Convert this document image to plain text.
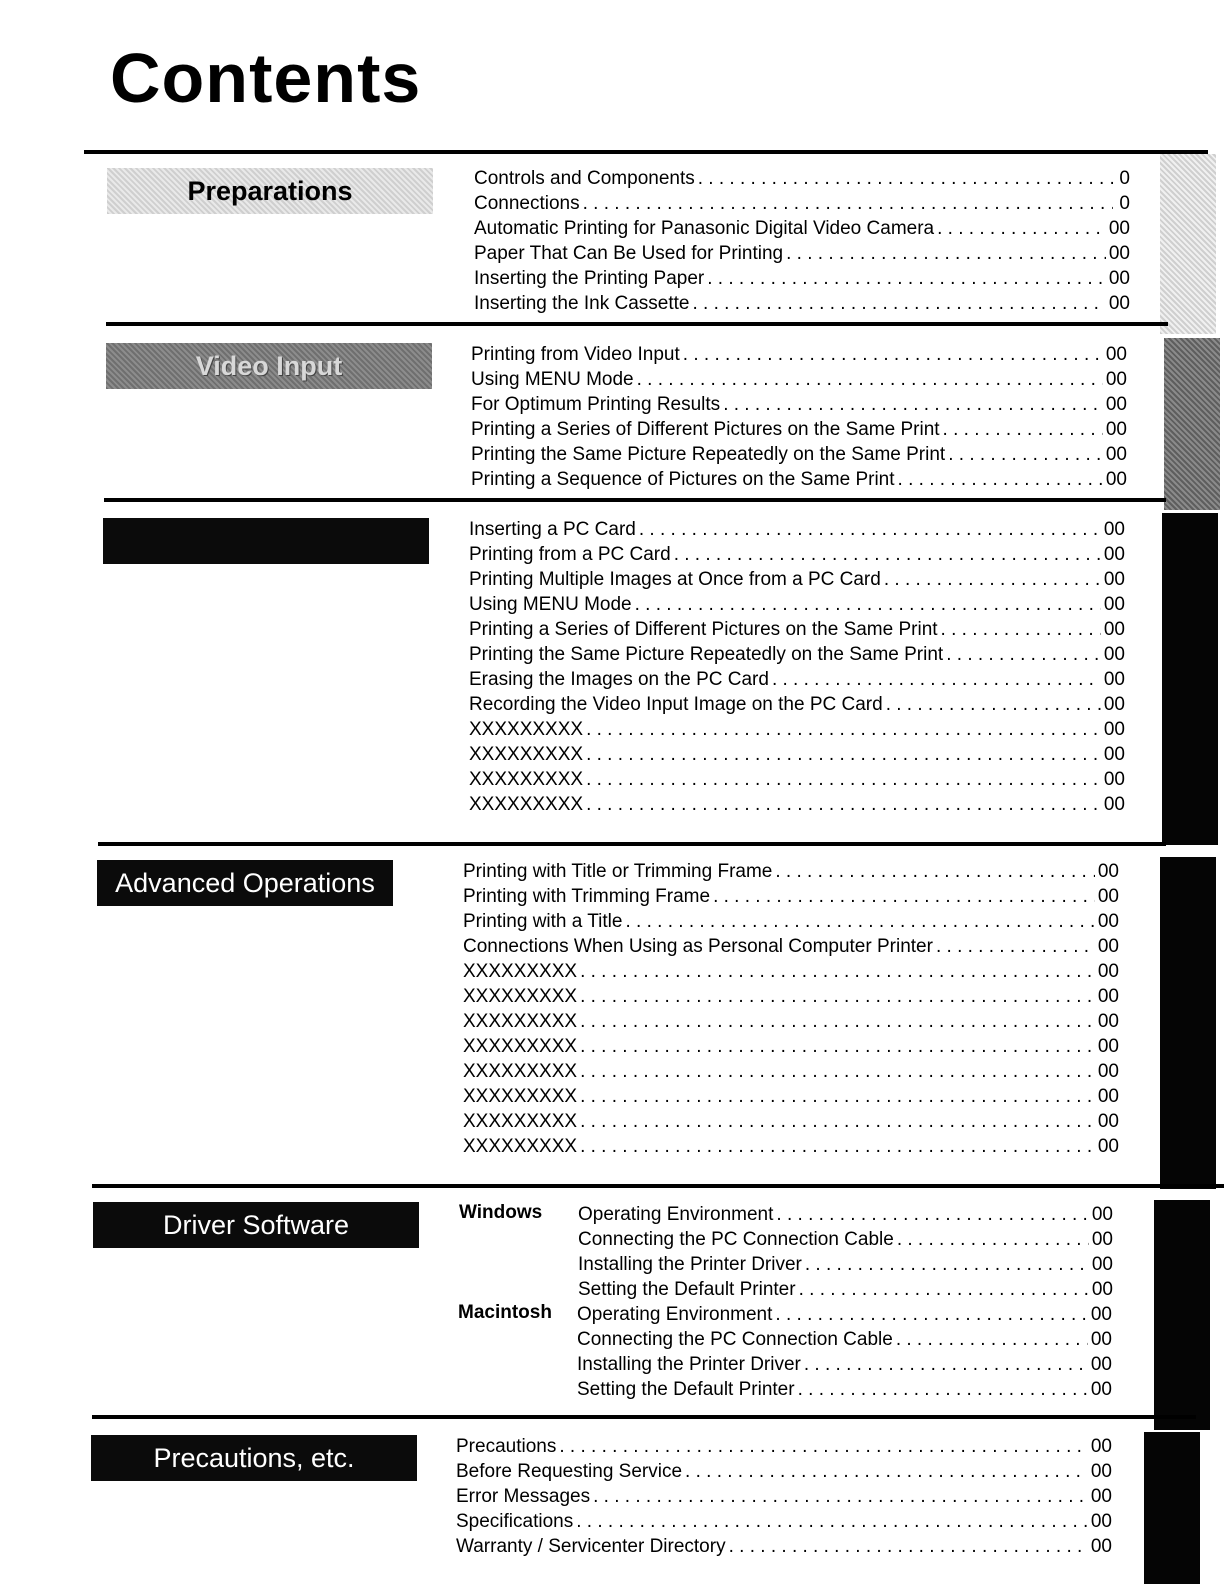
Contents
Preparations	Controls and Components . . .	0
Connections . . .	0
Automatic Printing for Panasonic Digital Video Camera . . .	00
Paper That Can Be Used for Printing . . .	00
Inserting the Printing Paper . . .	00
Inserting the Ink Cassette . . .	00
Video Input	Printing from Video Input . . .	00
Using MENU Mode . . .	00
For Optimum Printing Results . . .	00
Printing a Series of Different Pictures on the Same Print . . .	00
Printing the Same Picture Repeatedly on the Same Print . . .	00
Printing a Sequence of Pictures on the Same Print . . .	00
Inserting a PC Card . . .	00
Printing from a PC Card . . .	00
Printing Multiple Images at Once from a PC Card . . .	00
Using MENU Mode . . .	00
Printing a Series of Different Pictures on the Same Print . . .	00
Printing the Same Picture Repeatedly on the Same Print . . .	00
Erasing the Images on the PC Card . . .	00
Recording the Video Input Image on the PC Card . . .	00
XXXXXXXXX . . .	00
XXXXXXXXX . . .	00
XXXXXXXXX . . .	00
XXXXXXXXX . . .	00
Advanced Operations	Printing with Title or Trimming Frame . . .	00
Printing with Trimming Frame . . .	00
Printing with a Title . . .	00
Connections When Using as Personal Computer Printer . . .	00
XXXXXXXXX . . .	00
XXXXXXXXX . . .	00
XXXXXXXXX . . .	00
XXXXXXXXX . . .	00
XXXXXXXXX . . .	00
XXXXXXXXX . . .	00
XXXXXXXXX . . .	00
XXXXXXXXX . . .	00
Driver Software	Windows Operating Environment . . .	00
Connecting the PC Connection Cable . . .	00
Installing the Printer Driver . . .	00
Setting the Default Printer . . .	00
Macintosh Operating Environment . . .	00
Connecting the PC Connection Cable . . .	00
Installing the Printer Driver . . .	00
Setting the Default Printer . . .	00
Precautions, etc.	Precautions . . .	00
Before Requesting Service . . .	00
Error Messages . . .	00
Specifications . . .	00
Warranty / Servicenter Directory . . .	00
